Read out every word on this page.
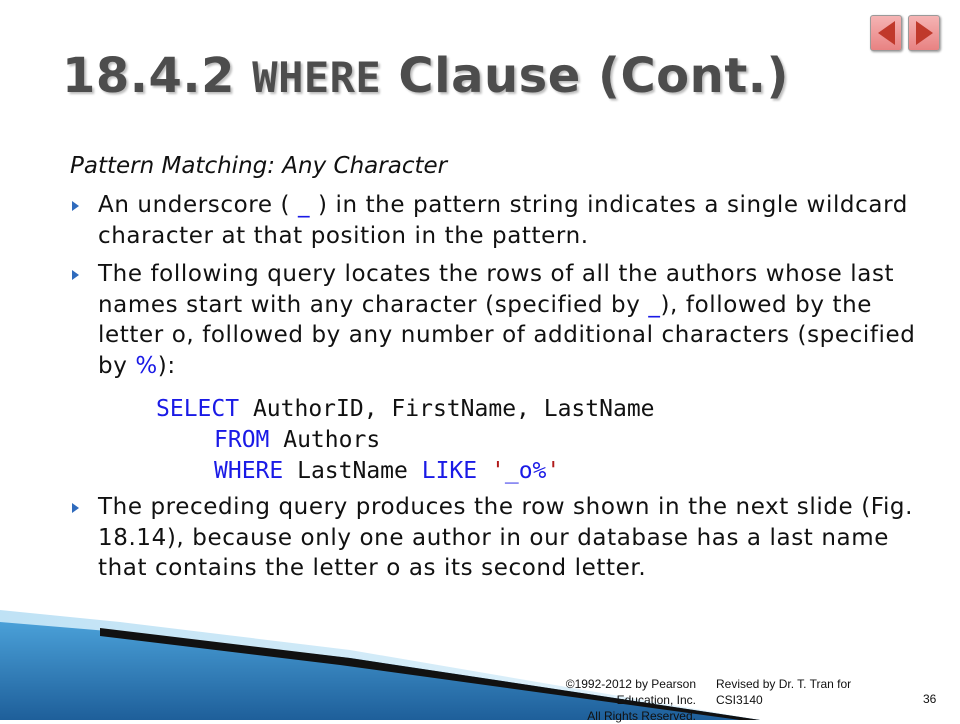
18.4.2 WHERE Clause (Cont.)

Pattern Matching: Any Character

An underscore ( _ ) in the pattern string indicates a single wildcard character at that position in the pattern.
The following query locates the rows of all the authors whose last names start with any character (specified by _), followed by the letter o, followed by any number of additional characters (specified by %):
SELECT AuthorID, FirstName, LastName
FROM Authors
WHERE LastName LIKE '_o%'
The preceding query produces the row shown in the next slide (Fig. 18.14), because only one author in our database has a last name that contains the letter o as its second letter.
©1992-2012 by Pearson Education, Inc.
All Rights Reserved.
Revised by Dr. T. Tran for
CSI3140	36
